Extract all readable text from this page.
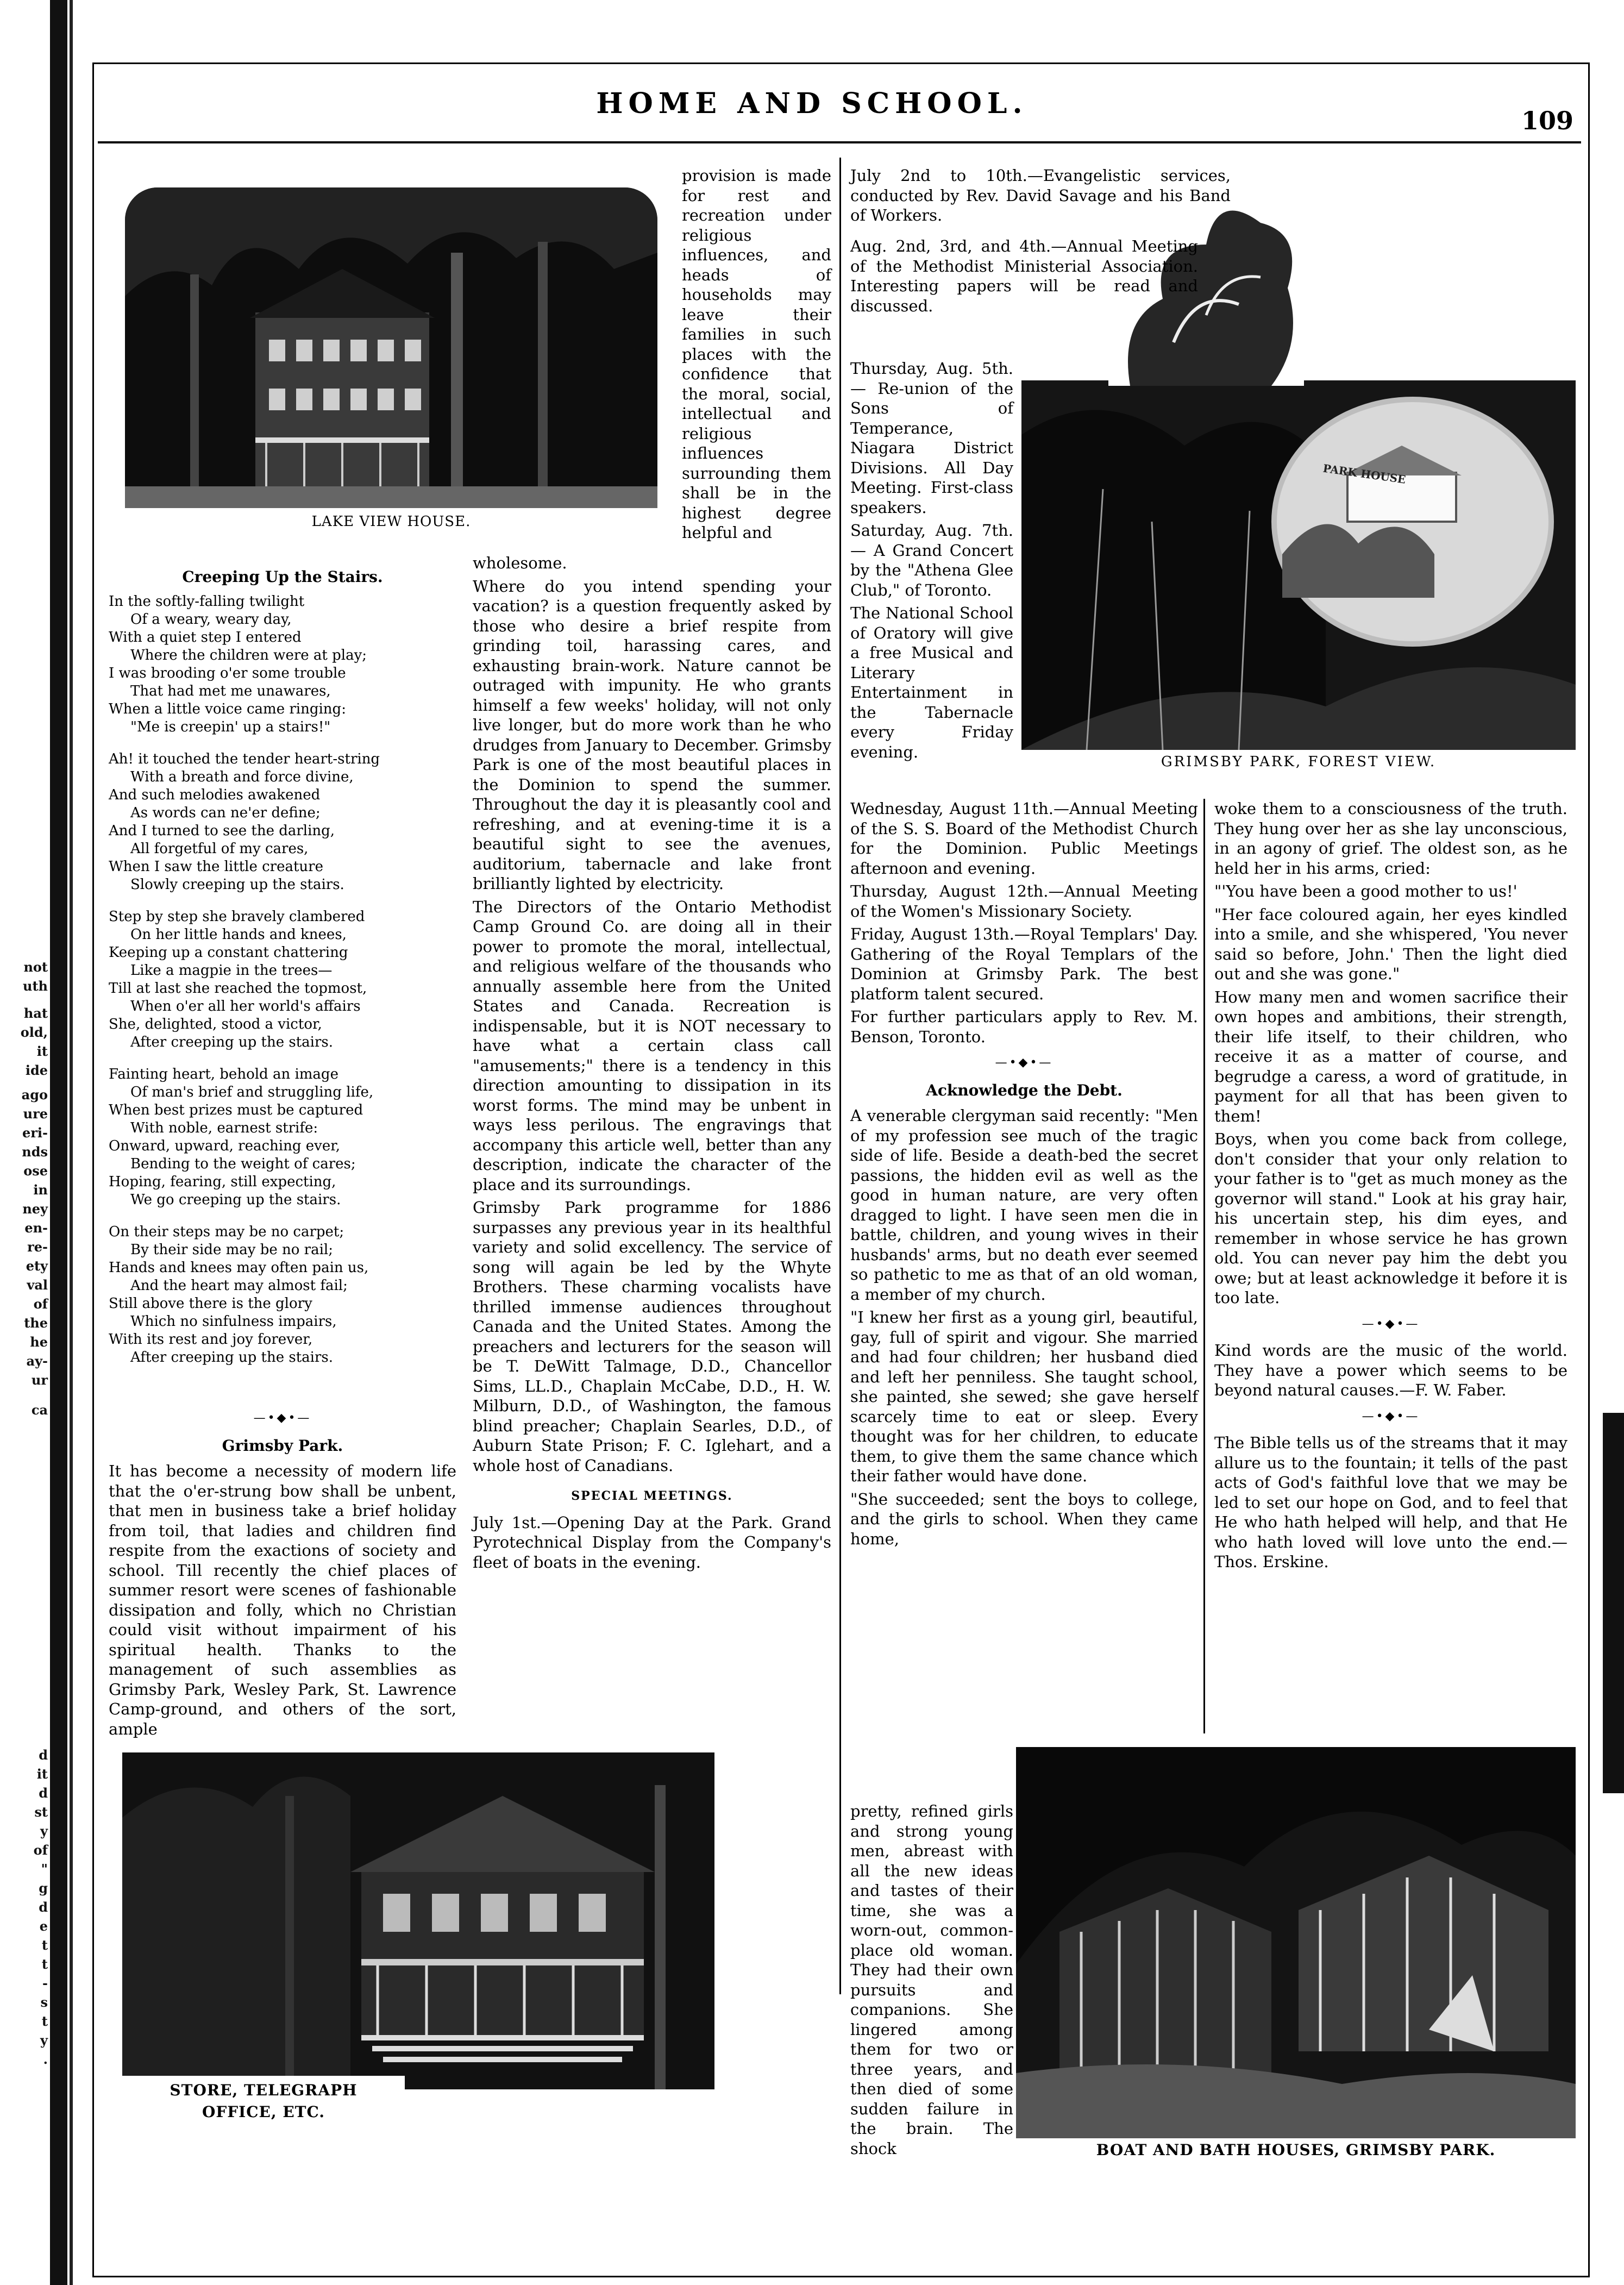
not
uth
hat
old,
it
ide
ago
ure
eri-
nds
ose
in
ney
en-
re-
ety
val
of
the
he
ay-
ur
ca
d
it
d
st
y
of
"
g
d
e
t
t
-
s
t
y
.
HOME AND SCHOOL.
109
LAKE VIEW HOUSE.
Creeping Up the Stairs.

In the softly-falling twilight

Of a weary, weary day,

With a quiet step I entered

Where the children were at play;

I was brooding o'er some trouble

That had met me unawares,

When a little voice came ringing:

"Me is creepin' up a stairs!"

Ah! it touched the tender heart-string

With a breath and force divine,

And such melodies awakened

As words can ne'er define;

And I turned to see the darling,

All forgetful of my cares,

When I saw the little creature

Slowly creeping up the stairs.

Step by step she bravely clambered

On her little hands and knees,

Keeping up a constant chattering

Like a magpie in the trees—

Till at last she reached the topmost,

When o'er all her world's affairs

She, delighted, stood a victor,

After creeping up the stairs.

Fainting heart, behold an image

Of man's brief and struggling life,

When best prizes must be captured

With noble, earnest strife:

Onward, upward, reaching ever,

Bending to the weight of cares;

Hoping, fearing, still expecting,

We go creeping up the stairs.

On their steps may be no carpet;

By their side may be no rail;

Hands and knees may often pain us,

And the heart may almost fail;

Still above there is the glory

Which no sinfulness impairs,

With its rest and joy forever,

After creeping up the stairs.

—•◆•—
Grimsby Park.

It has become a necessity of modern life that the o'er-strung bow shall be unbent, that men in business take a brief holiday from toil, that ladies and children find respite from the exactions of society and school. Till recently the chief places of summer resort were scenes of fashionable dissipation and folly, which no Christian could visit without impairment of his spiritual health. Thanks to the management of such assemblies as Grimsby Park, Wesley Park, St. Lawrence Camp-ground, and others of the sort, ample

STORE, TELEGRAPH
OFFICE, ETC.

provision is made for rest and recreation under religious influences, and heads of households may leave their families in such places with the confidence that the moral, social, intellectual and religious influences surrounding them shall be in the highest degree helpful and

wholesome.

Where do you intend spending your vacation? is a question frequently asked by those who desire a brief respite from grinding toil, harassing cares, and exhausting brain-work. Nature cannot be outraged with impunity. He who grants himself a few weeks' holiday, will not only live longer, but do more work than he who drudges from January to December. Grimsby Park is one of the most beautiful places in the Dominion to spend the summer. Throughout the day it is pleasantly cool and refreshing, and at evening-time it is a beautiful sight to see the avenues, auditorium, tabernacle and lake front brilliantly lighted by electricity.

The Directors of the Ontario Methodist Camp Ground Co. are doing all in their power to promote the moral, intellectual, and religious welfare of the thousands who annually assemble here from the United States and Canada. Recreation is indispensable, but it is NOT necessary to have what a certain class call "amusements;" there is a tendency in this direction amounting to dissipation in its worst forms. The mind may be unbent in ways less perilous. The engravings that accompany this article well, better than any description, indicate the character of the place and its surroundings.

Grimsby Park programme for 1886 surpasses any previous year in its healthful variety and solid excellency. The service of song will again be led by the Whyte Brothers. These charming vocalists have thrilled immense audiences throughout Canada and the United States. Among the preachers and lecturers for the season will be T. DeWitt Talmage, D.D., Chancellor Sims, LL.D., Chaplain McCabe, D.D., H. W. Milburn, D.D., of Washington, the famous blind preacher; Chaplain Searles, D.D., of Auburn State Prison; F. C. Iglehart, and a whole host of Canadians.

SPECIAL MEETINGS.

July 1st.—Opening Day at the Park. Grand Pyrotechnical Display from the Company's fleet of boats in the evening.

PARK HOUSE
GRIMSBY PARK, FOREST VIEW.

July 2nd to 10th.—Evangelistic services, conducted by Rev. David Savage and his Band of Workers.

Aug. 2nd, 3rd, and 4th.—Annual Meeting of the Methodist Ministerial Association. Interesting papers will be read and discussed.

Thursday, Aug. 5th. — Re-union of the Sons of Temperance, Niagara District Divisions. All Day Meeting. First-class speakers.

Saturday, Aug. 7th. — A Grand Concert by the "Athena Glee Club," of Toronto.

The National School of Oratory will give a free Musical and Literary Entertainment in the Tabernacle every Friday evening.

Wednesday, August 11th.—Annual Meeting of the S. S. Board of the Methodist Church for the Dominion. Public Meetings afternoon and evening.

Thursday, August 12th.—Annual Meeting of the Women's Missionary Society.

Friday, August 13th.—Royal Templars' Day. Gathering of the Royal Templars of the Dominion at Grimsby Park. The best platform talent secured.

For further particulars apply to Rev. M. Benson, Toronto.

—•◆•—
Acknowledge the Debt.

A venerable clergyman said recently: "Men of my profession see much of the tragic side of life. Beside a death-bed the secret passions, the hidden evil as well as the good in human nature, are very often dragged to light. I have seen men die in battle, children, and young wives in their husbands' arms, but no death ever seemed so pathetic to me as that of an old woman, a member of my church.

"I knew her first as a young girl, beautiful, gay, full of spirit and vigour. She married and had four children; her husband died and left her penniless. She taught school, she painted, she sewed; she gave herself scarcely time to eat or sleep. Every thought was for her children, to educate them, to give them the same chance which their father would have done.

"She succeeded; sent the boys to college, and the girls to school. When they came home,

pretty, refined girls and strong young men, abreast with all the new ideas and tastes of their time, she was a worn-out, common-place old woman. They had their own pursuits and companions. She lingered among them for two or three years, and then died of some sudden failure in the brain. The shock

woke them to a consciousness of the truth. They hung over her as she lay unconscious, in an agony of grief. The oldest son, as he held her in his arms, cried:

"'You have been a good mother to us!'

"Her face coloured again, her eyes kindled into a smile, and she whispered, 'You never said so before, John.' Then the light died out and she was gone."

How many men and women sacrifice their own hopes and ambitions, their strength, their life itself, to their children, who receive it as a matter of course, and begrudge a caress, a word of gratitude, in payment for all that has been given to them!

Boys, when you come back from college, don't consider that your only relation to your father is to "get as much money as the governor will stand." Look at his gray hair, his uncertain step, his dim eyes, and remember in whose service he has grown old. You can never pay him the debt you owe; but at least acknowledge it before it is too late.

—•◆•—

Kind words are the music of the world. They have a power which seems to be beyond natural causes.—F. W. Faber.

—•◆•—

The Bible tells us of the streams that it may allure us to the fountain; it tells of the past acts of God's faithful love that we may be led to set our hope on God, and to feel that He who hath helped will help, and that He who hath loved will love unto the end.—Thos. Erskine.

BOAT AND BATH HOUSES, GRIMSBY PARK.
